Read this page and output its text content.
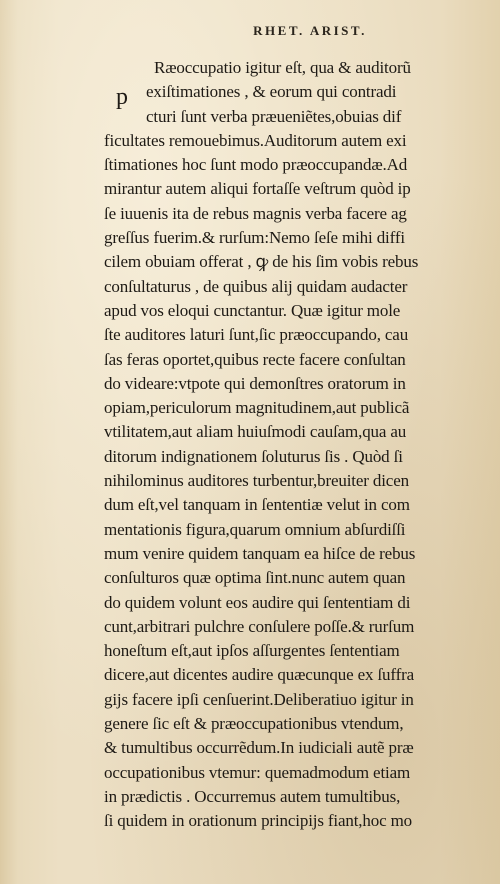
RHET. ARIST.
p
Ræoccupatio igitur eſt, qua & auditorũ
exiſtimationes , & eorum qui contradi
cturi ſunt verba præueniẽtes,obuias dif
ficultates remouebimus.Auditorum autem exi
ſtimationes hoc ſunt modo præoccupandæ.Ad
mirantur autem aliqui fortaſſe veſtrum quòd ip
ſe iuuenis ita de rebus magnis verba facere ag
greſſus fuerim.& rurſum:Nemo ſeſe mihi diffi
cilem obuiam offerat , ꝙ de his ſim vobis rebus
conſultaturus , de quibus alij quidam audacter
apud vos eloqui cunctantur. Quæ igitur mole
ſte auditores laturi ſunt,ſic præoccupando, cau
ſas feras oportet,quibus recte facere conſultan
do videare:vtpote qui demonſtres oratorum in
opiam,periculorum magnitudinem,aut publicã
vtilitatem,aut aliam huiuſmodi cauſam,qua au
ditorum indignationem ſoluturus ſis . Quòd ſi
nihilominus auditores turbentur,breuiter dicen
dum eſt,vel tanquam in ſententiæ velut in com
mentationis figura,quarum omnium abſurdiſſi
mum venire quidem tanquam ea hiſce de rebus
conſulturos quæ optima ſint.nunc autem quan
do quidem volunt eos audire qui ſententiam di
cunt,arbitrari pulchre conſulere poſſe.& rurſum
honeſtum eſt,aut ipſos aſſurgentes ſententiam
dicere,aut dicentes audire quæcunque ex ſuffra
gijs facere ipſi cenſuerint.Deliberatiuo igitur in
genere ſic eſt & præoccupationibus vtendum,
& tumultibus occurrẽdum.In iudiciali autẽ præ
occupationibus vtemur: quemadmodum etiam
in prædictis . Occurremus autem tumultibus,
ſi quidem in orationum principijs fiant,hoc mo
